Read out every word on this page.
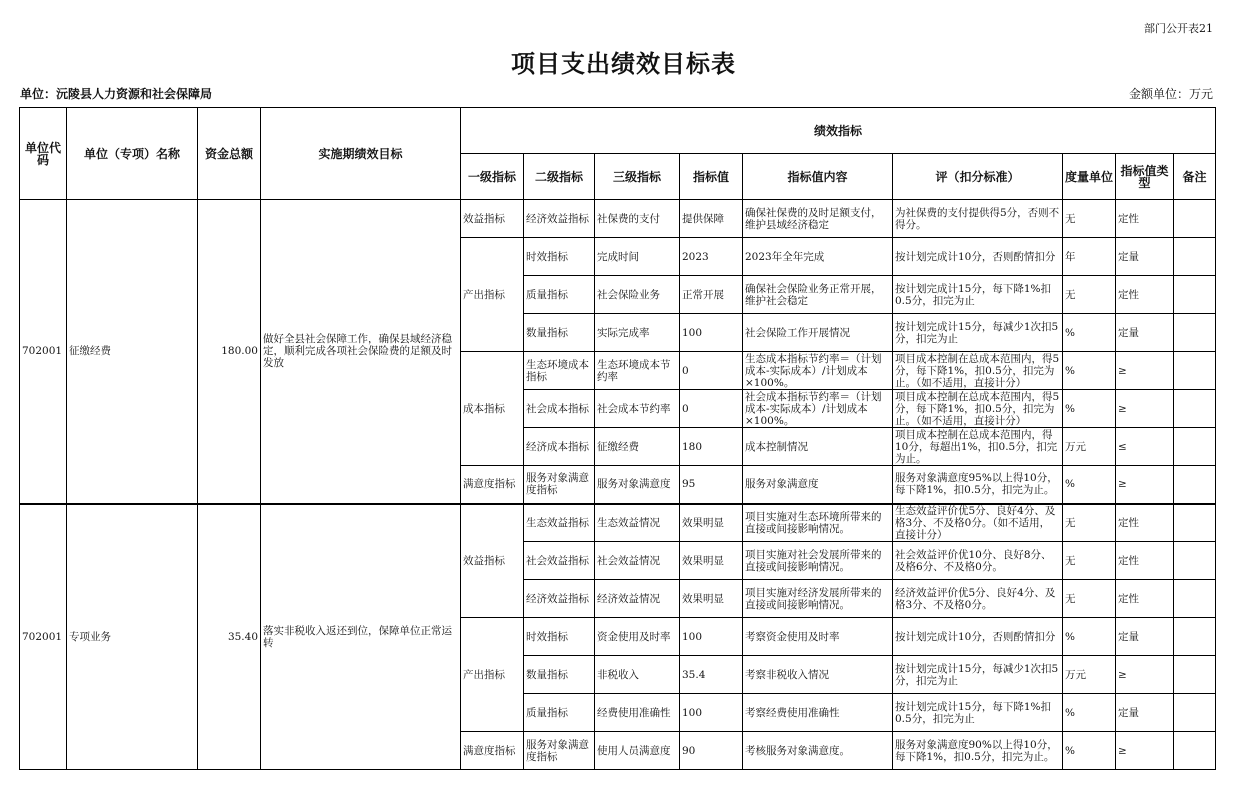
部门公开表21
项目支出绩效目标表
单位：沅陵县人力资源和社会保障局	金额单位：万元
单位代码	单位（专项）名称	资金总额	实施期绩效目标	绩效指标								
				一级指标	二级指标	三级指标	指标值	指标值内容	评（扣分标准）	度量单位	指标值类型	备注
702001	征缴经费	180.00	做好全县社会保障工作，确保县域经济稳定，顺利完成各项社会保险费的足额及时发放	效益指标	经济效益指标	社保费的支付	提供保障	确保社保费的及时足额支付，维护县域经济稳定	为社保费的支付提供得5分，否则不得分。	无	定性	
				产出指标	时效指标	完成时间	2023	2023年全年完成	按计划完成计10分，否则酌情扣分	年	定量	
					质量指标	社会保险业务	正常开展	确保社会保险业务正常开展，维护社会稳定	按计划完成计15分，每下降1%扣0.5分，扣完为止	无	定性	
					数量指标	实际完成率	100	社会保险工作开展情况	按计划完成计15分，每减少1次扣5分，扣完为止	%	定量	
				成本指标	生态环境成本指标	生态环境成本节约率	0	生态成本指标节约率＝（计划成本-实际成本）/计划成本×100%。	项目成本控制在总成本范围内，得5分，每下降1%，扣0.5分，扣完为止。（如不适用，直接计分）	%	≥	
					社会成本指标	社会成本节约率	0	社会成本指标节约率＝（计划成本-实际成本）/计划成本×100%。	项目成本控制在总成本范围内，得5分，每下降1%，扣0.5分，扣完为止。（如不适用，直接计分）	%	≥	
					经济成本指标	征缴经费	180	成本控制情况	项目成本控制在总成本范围内，得10分，每超出1%，扣0.5分，扣完为止。	万元	≤	
				满意度指标	服务对象满意度指标	服务对象满意度	95	服务对象满意度	服务对象满意度95%以上得10分，每下降1%，扣0.5分，扣完为止。	%	≥	
702001	专项业务	35.40	落实非税收入返还到位，保障单位正常运转	效益指标	生态效益指标	生态效益情况	效果明显	项目实施对生态环境所带来的直接或间接影响情况。	生态效益评价优5分、良好4分、及格3分、不及格0分。（如不适用，直接计分）	无	定性	
					社会效益指标	社会效益情况	效果明显	项目实施对社会发展所带来的直接或间接影响情况。	社会效益评价优10分、良好8分、及格6分、不及格0分。	无	定性	
					经济效益指标	经济效益情况	效果明显	项目实施对经济发展所带来的直接或间接影响情况。	经济效益评价优5分、良好4分、及格3分、不及格0分。	无	定性	
				产出指标	时效指标	资金使用及时率	100	考察资金使用及时率	按计划完成计10分，否则酌情扣分	%	定量	
					数量指标	非税收入	35.4	考察非税收入情况	按计划完成计15分，每减少1次扣5分，扣完为止	万元	≥	
					质量指标	经费使用准确性	100	考察经费使用准确性	按计划完成计15分，每下降1%扣0.5分，扣完为止	%	定量	
				满意度指标	服务对象满意度指标	使用人员满意度	90	考核服务对象满意度。	服务对象满意度90%以上得10分，每下降1%，扣0.5分，扣完为止。	%	≥	
